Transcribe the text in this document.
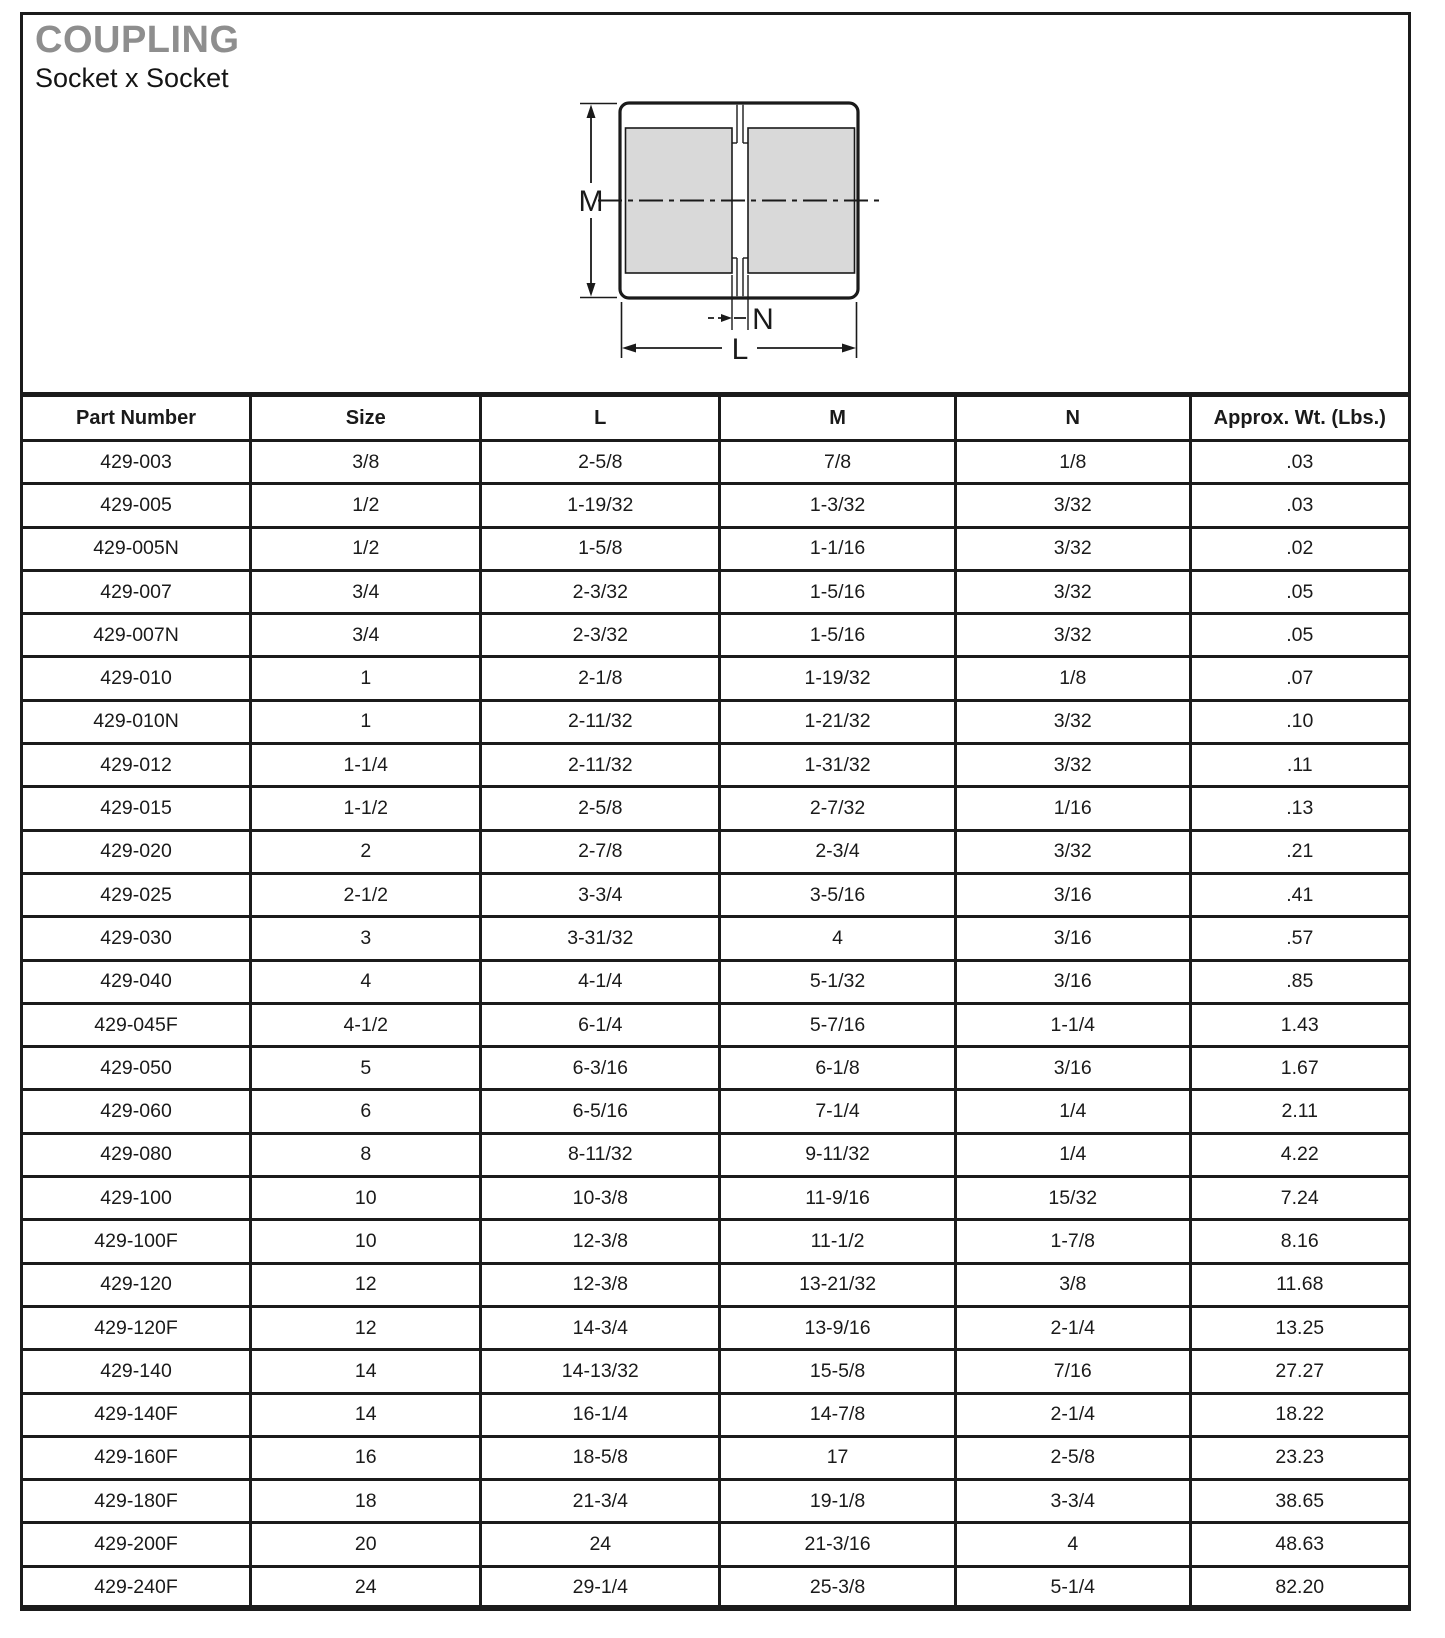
COUPLING
Socket x Socket
M
N
L
Part Number	Size	L	M	N	Approx. Wt. (Lbs.)
429-003	3/8	2-5/8	7/8	1/8	.03
429-005	1/2	1-19/32	1-3/32	3/32	.03
429-005N	1/2	1-5/8	1-1/16	3/32	.02
429-007	3/4	2-3/32	1-5/16	3/32	.05
429-007N	3/4	2-3/32	1-5/16	3/32	.05
429-010	1	2-1/8	1-19/32	1/8	.07
429-010N	1	2-11/32	1-21/32	3/32	.10
429-012	1-1/4	2-11/32	1-31/32	3/32	.11
429-015	1-1/2	2-5/8	2-7/32	1/16	.13
429-020	2	2-7/8	2-3/4	3/32	.21
429-025	2-1/2	3-3/4	3-5/16	3/16	.41
429-030	3	3-31/32	4	3/16	.57
429-040	4	4-1/4	5-1/32	3/16	.85
429-045F	4-1/2	6-1/4	5-7/16	1-1/4	1.43
429-050	5	6-3/16	6-1/8	3/16	1.67
429-060	6	6-5/16	7-1/4	1/4	2.11
429-080	8	8-11/32	9-11/32	1/4	4.22
429-100	10	10-3/8	11-9/16	15/32	7.24
429-100F	10	12-3/8	11-1/2	1-7/8	8.16
429-120	12	12-3/8	13-21/32	3/8	11.68
429-120F	12	14-3/4	13-9/16	2-1/4	13.25
429-140	14	14-13/32	15-5/8	7/16	27.27
429-140F	14	16-1/4	14-7/8	2-1/4	18.22
429-160F	16	18-5/8	17	2-5/8	23.23
429-180F	18	21-3/4	19-1/8	3-3/4	38.65
429-200F	20	24	21-3/16	4	48.63
429-240F	24	29-1/4	25-3/8	5-1/4	82.20
